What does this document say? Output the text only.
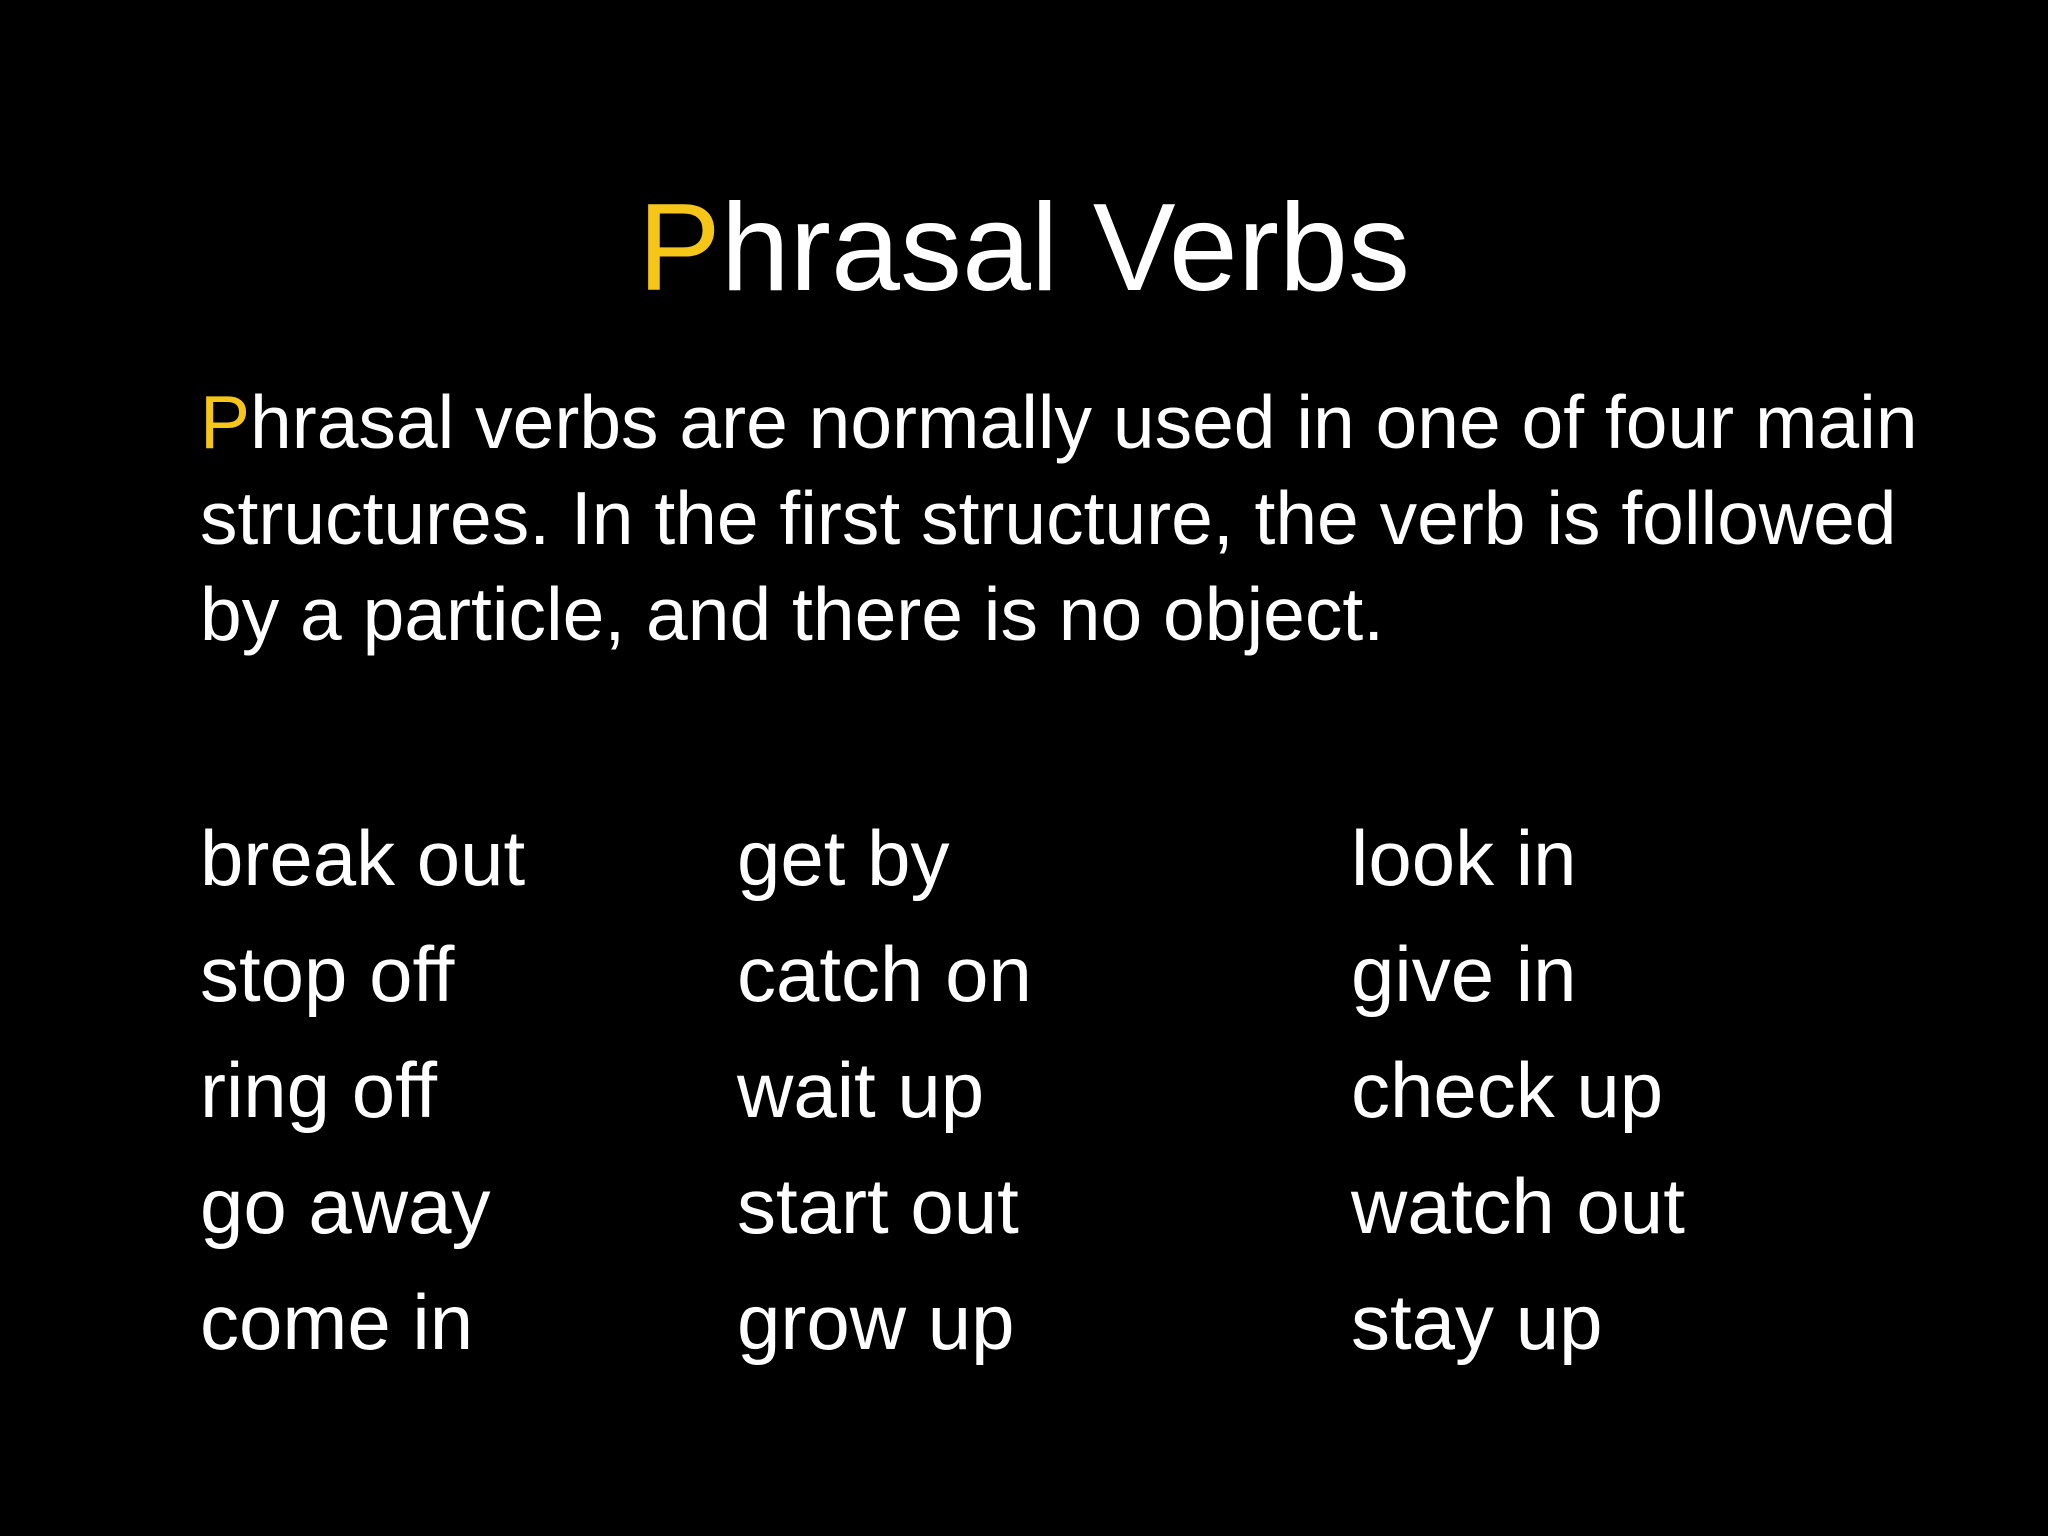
Phrasal Verbs

Phrasal verbs are normally used in one of four main structures. In the first structure, the verb is followed by a particle, and there is no object.

break out
stop off
ring off
go away
come in
get by
catch on
wait up
start out
grow up
look in
give in
check up
watch out
stay up
